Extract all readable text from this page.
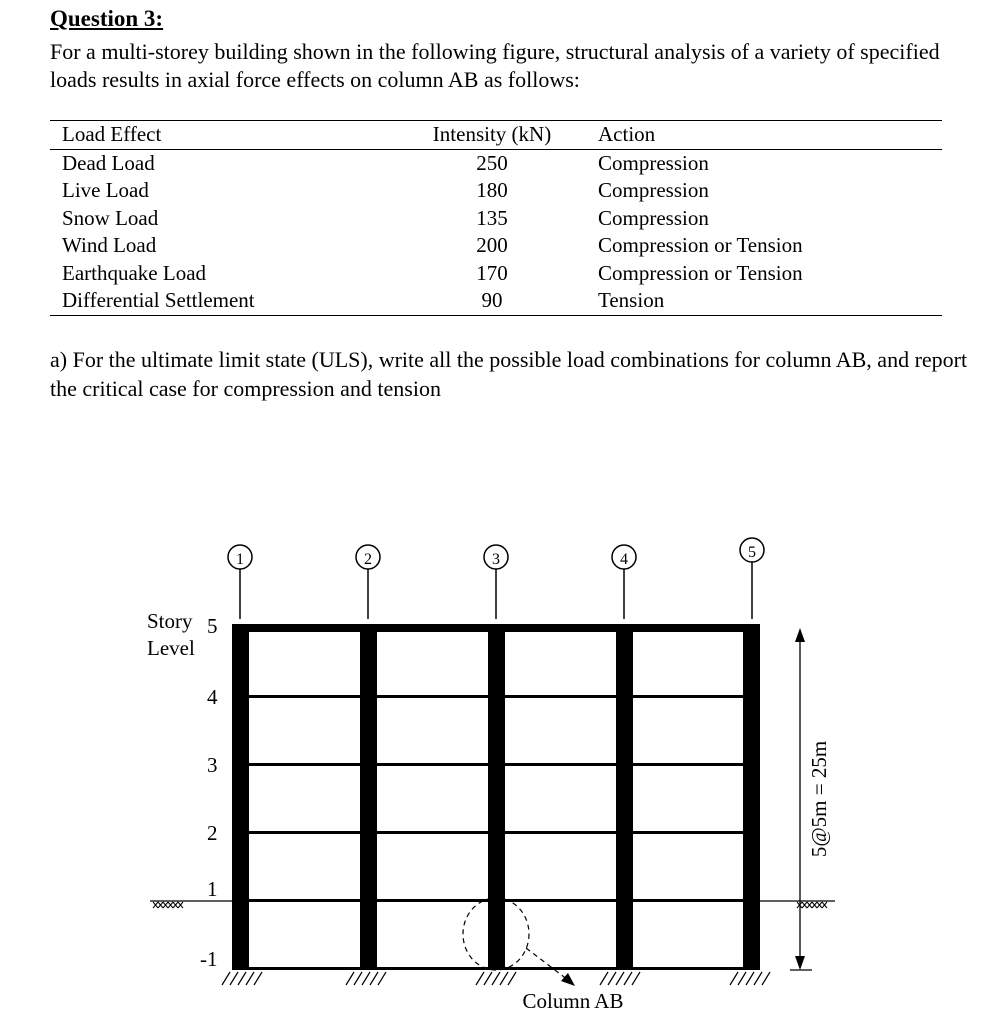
Question 3:

For a multi-storey building shown in the following figure, structural analysis of a variety of specified loads results in axial force effects on column AB as follows:

Load Effect	Intensity (kN)	Action
Dead Load	250	Compression
Live Load	180	Compression
Snow Load	135	Compression
Wind Load	200	Compression or Tension
Earthquake Load	170	Compression or Tension
Differential Settlement	90	Tension

a) For the ultimate limit state (ULS), write all the possible load combinations for column AB, and report the critical case for compression and tension

1	2	3	4	5
Story
Level
5
4
3
2
1
-1
Column AB
5@5m = 25m
